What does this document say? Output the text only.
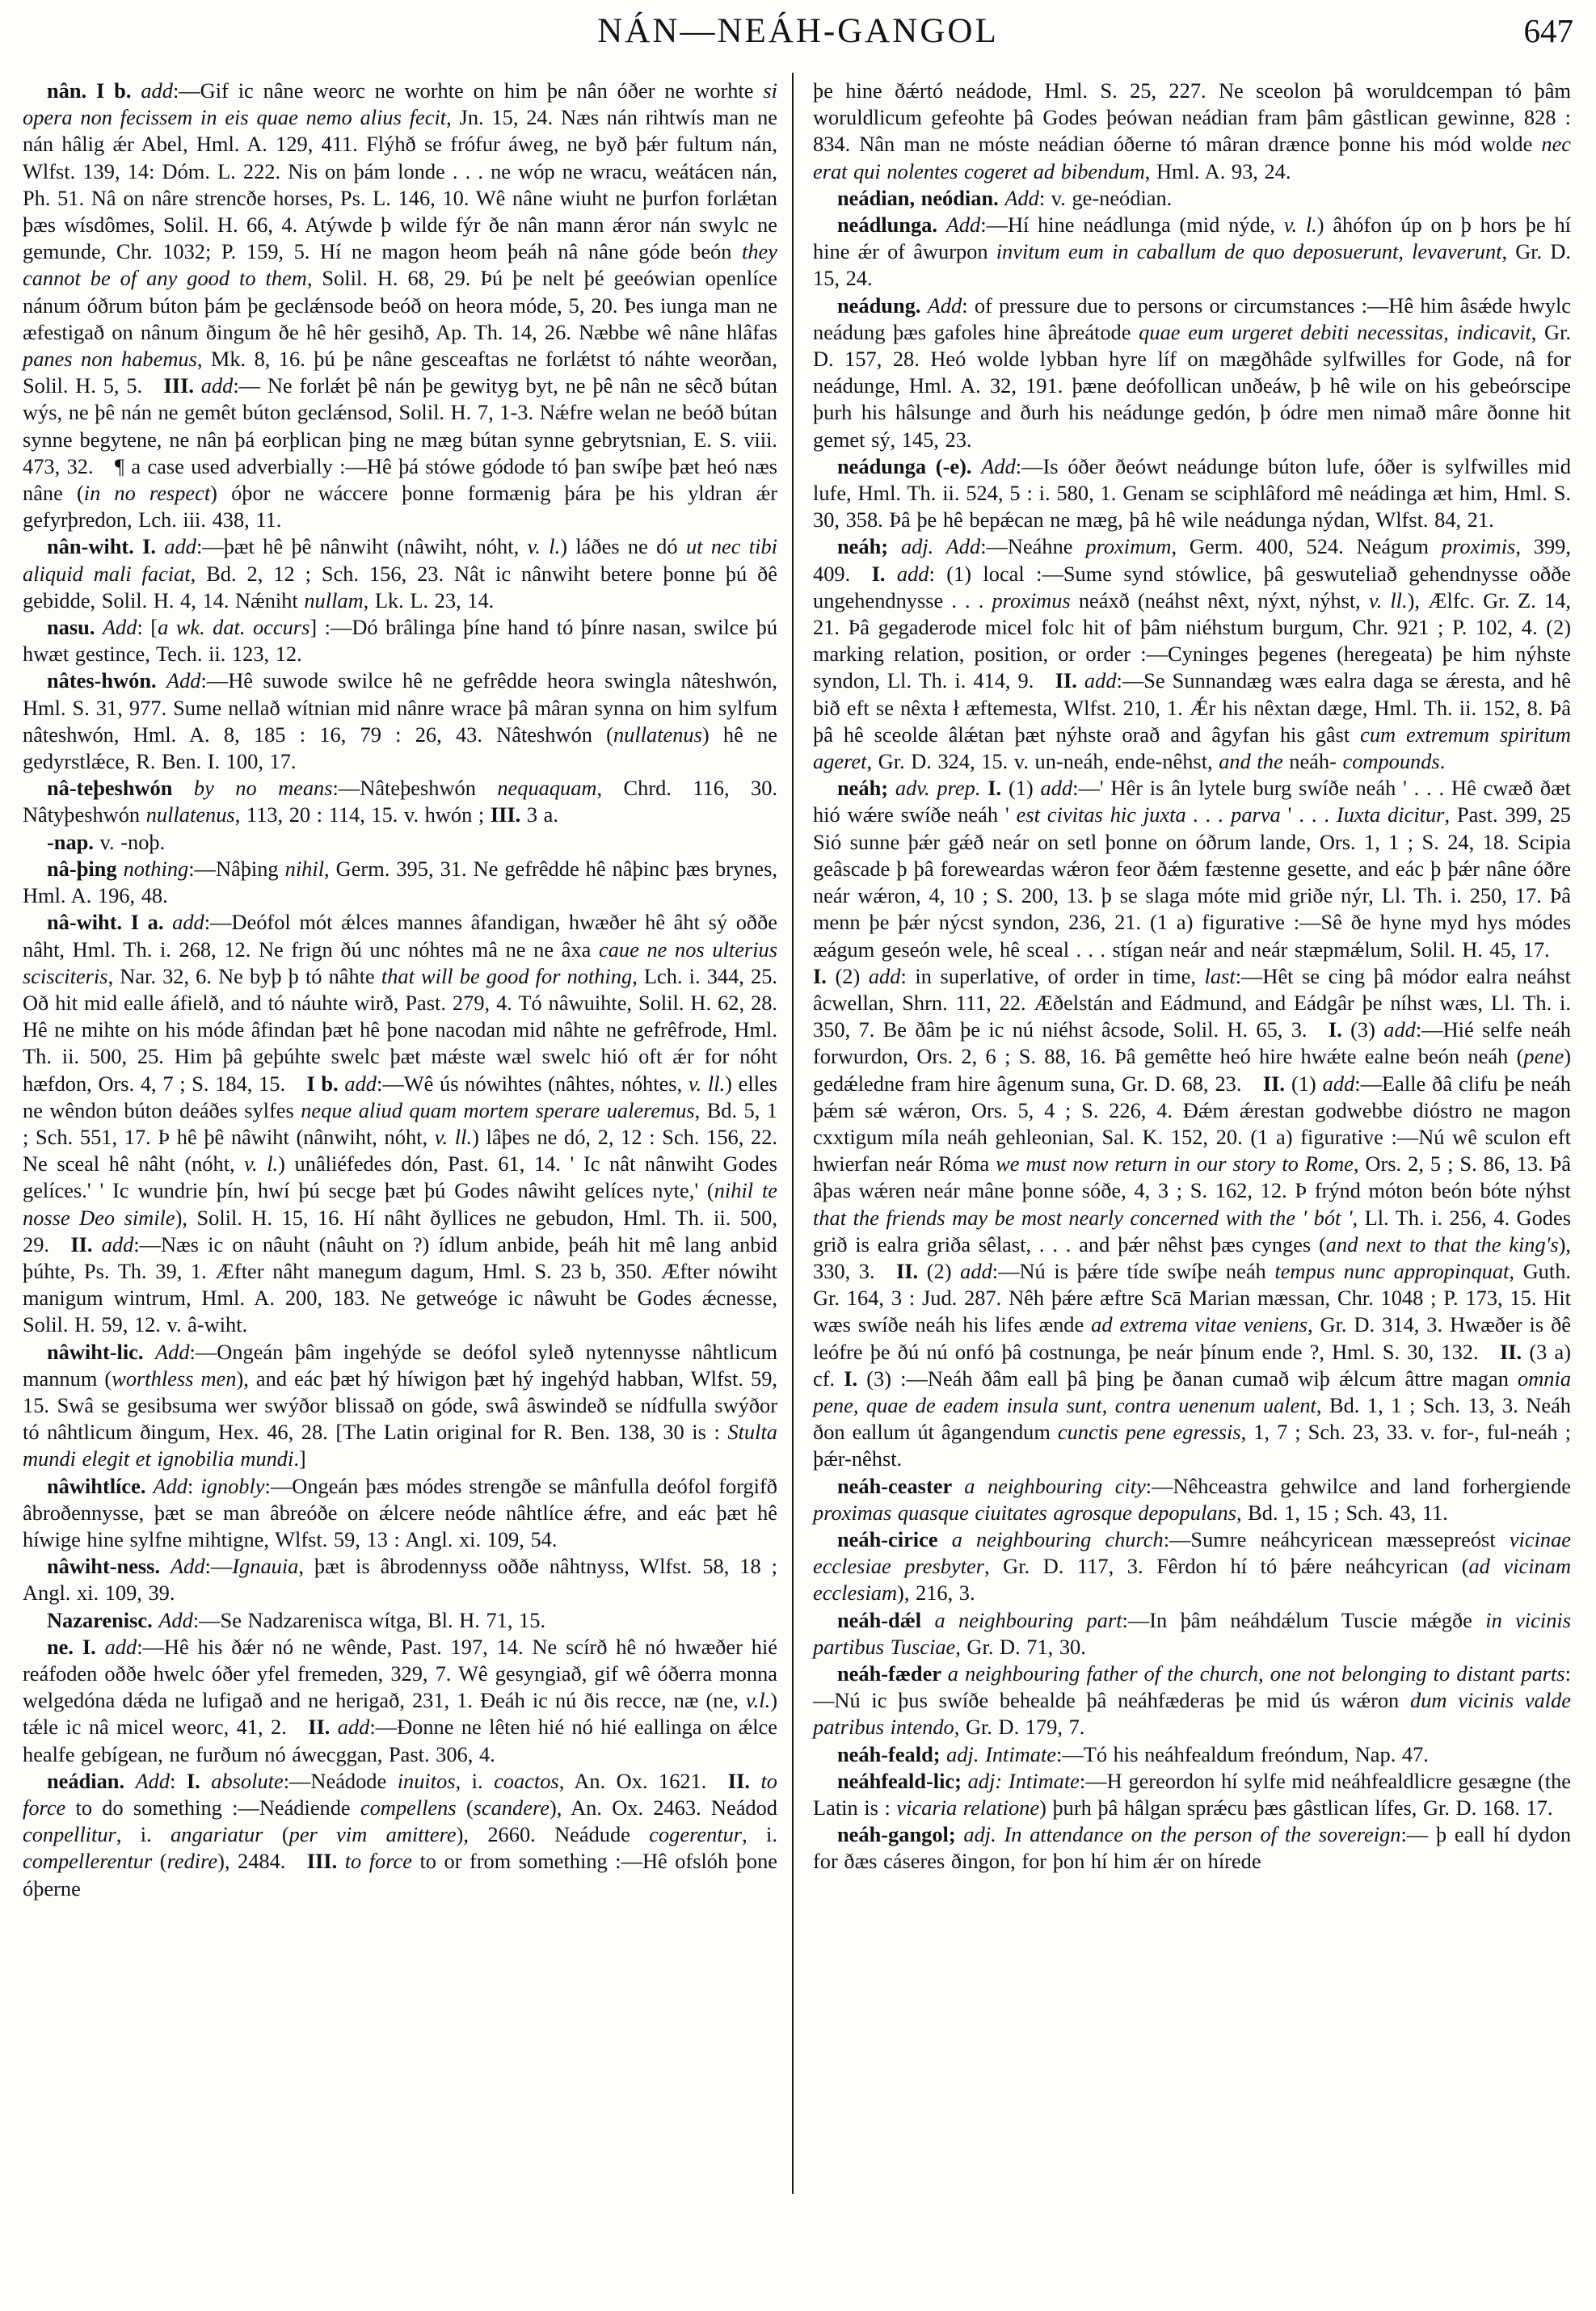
NÁN—NEÁH-GANGOL	647

nân. I b. add:—Gif ic nâne weorc ne worhte on him þe nân óðer ne worhte si opera non fecissem in eis quae nemo alius fecit, Jn. 15, 24. Næs nán rihtwís man ne nán hâlig ǽr Abel, Hml. A. 129, 411. Flýhð se frófur áweg, ne byð þǽr fultum nán, Wlfst. 139, 14: Dóm. L. 222. Nis on þám londe . . . ne wóp ne wracu, weátácen nán, Ph. 51. Nâ on nâre strencðe horses, Ps. L. 146, 10. Wê nâne wiuht ne þurfon forlǽtan þæs wísdômes, Solil. H. 66, 4. Atýwde þ wilde fýr ðe nân mann ǽror nán swylc ne gemunde, Chr. 1032; P. 159, 5. Hí ne magon heom þeáh nâ nâne góde beón they cannot be of any good to them, Solil. H. 68, 29. Þú þe nelt þé geeówian openlíce nánum óðrum búton þám þe geclǽnsode beóð on heora móde, 5, 20. Þes iunga man ne æfestigað on nânum ðingum ðe hê hêr gesihð, Ap. Th. 14, 26. Næbbe wê nâne hlâfas panes non habemus, Mk. 8, 16. þú þe nâne gesceaftas ne forlǽtst tó náhte weorðan, Solil. H. 5, 5. III. add:— Ne forlǽt þê nán þe gewityg byt, ne þê nân ne sêcð bútan wýs, ne þê nán ne gemêt búton geclǽnsod, Solil. H. 7, 1-3. Nǽfre welan ne beóð bútan synne begytene, ne nân þá eorþlican þing ne mæg bútan synne gebrytsnian, E. S. viii. 473, 32. ¶ a case used adverbially :—Hê þá stówe gódode tó þan swíþe þæt heó næs nâne (in no respect) óþor ne wáccere þonne formænig þára þe his yldran ǽr gefyrþredon, Lch. iii. 438, 11.

nân-wiht. I. add:—þæt hê þê nânwiht (nâwiht, nóht, v. l.) láðes ne dó ut nec tibi aliquid mali faciat, Bd. 2, 12 ; Sch. 156, 23. Nât ic nânwiht betere þonne þú ðê gebidde, Solil. H. 4, 14. Nǽniht nullam, Lk. L. 23, 14.

nasu. Add: [a wk. dat. occurs] :—Dó brâlinga þíne hand tó þínre nasan, swilce þú hwæt gestince, Tech. ii. 123, 12.

nâtes-hwón. Add:—Hê suwode swilce hê ne gefrêdde heora swingla nâteshwón, Hml. S. 31, 977. Sume nellað wítnian mid nânre wrace þâ mâran synna on him sylfum nâteshwón, Hml. A. 8, 185 : 16, 79 : 26, 43. Nâteshwón (nullatenus) hê ne gedyrstlǽce, R. Ben. I. 100, 17.

nâ-teþeshwón by no means:—Nâteþeshwón nequaquam, Chrd. 116, 30. Nâtyþeshwón nullatenus, 113, 20 : 114, 15. v. hwón ; III. 3 a.

-nap. v. -noþ.

nâ-þing nothing:—Nâþing nihil, Germ. 395, 31. Ne gefrêdde hê nâþinc þæs brynes, Hml. A. 196, 48.

nâ-wiht. I a. add:—Deófol mót ǽlces mannes âfandigan, hwæðer hê âht sý oððe nâht, Hml. Th. i. 268, 12. Ne frign ðú unc nóhtes mâ ne ne âxa caue ne nos ulterius scisciteris, Nar. 32, 6. Ne byþ þ tó nâhte that will be good for nothing, Lch. i. 344, 25. Oð hit mid ealle áfielð, and tó náuhte wirð, Past. 279, 4. Tó nâwuihte, Solil. H. 62, 28. Hê ne mihte on his móde âfindan þæt hê þone nacodan mid nâhte ne gefrêfrode, Hml. Th. ii. 500, 25. Him þâ geþúhte swelc þæt mǽste wæl swelc hió oft ǽr for nóht hæfdon, Ors. 4, 7 ; S. 184, 15. I b. add:—Wê ús nówihtes (nâhtes, nóhtes, v. ll.) elles ne wêndon búton deáðes sylfes neque aliud quam mortem sperare ualeremus, Bd. 5, 1 ; Sch. 551, 17. Þ hê þê nâwiht (nânwiht, nóht, v. ll.) lâþes ne dó, 2, 12 : Sch. 156, 22. Ne sceal hê nâht (nóht, v. l.) unâliéfedes dón, Past. 61, 14. ' Ic nât nânwiht Godes gelíces.' ' Ic wundrie þín, hwí þú secge þæt þú Godes nâwiht gelíces nyte,' (nihil te nosse Deo simile), Solil. H. 15, 16. Hí nâht ðyllices ne gebudon, Hml. Th. ii. 500, 29. II. add:—Næs ic on nâuht (nâuht on ?) ídlum anbide, þeáh hit mê lang anbid þúhte, Ps. Th. 39, 1. Æfter nâht manegum dagum, Hml. S. 23 b, 350. Æfter nówiht manigum wintrum, Hml. A. 200, 183. Ne getweóge ic nâwuht be Godes ǽcnesse, Solil. H. 59, 12. v. â-wiht.

nâwiht-lic. Add:—Ongeán þâm ingehýde se deófol syleð nytennysse nâhtlicum mannum (worthless men), and eác þæt hý híwigon þæt hý ingehýd habban, Wlfst. 59, 15. Swâ se gesibsuma wer swýðor blissað on góde, swâ âswindeð se nídfulla swýðor tó nâhtlicum ðingum, Hex. 46, 28. [The Latin original for R. Ben. 138, 30 is : Stulta mundi elegit et ignobilia mundi.]

nâwihtlíce. Add: ignobly:—Ongeán þæs módes strengðe se mânfulla deófol forgifð âbroðennysse, þæt se man âbreóðe on ǽlcere neóde nâhtlíce ǽfre, and eác þæt hê híwige hine sylfne mihtigne, Wlfst. 59, 13 : Angl. xi. 109, 54.

nâwiht-ness. Add:—Ignauia, þæt is âbrodennyss oððe nâhtnyss, Wlfst. 58, 18 ; Angl. xi. 109, 39.

Nazarenisc. Add:—Se Nadzarenisca wítga, Bl. H. 71, 15.

ne. I. add:—Hê his ðǽr nó ne wênde, Past. 197, 14. Ne scírð hê nó hwæðer hié reáfoden oððe hwelc óðer yfel fremeden, 329, 7. Wê gesyngiað, gif wê óðerra monna welgedóna dǽda ne lufigað and ne herigað, 231, 1. Ðeáh ic nú ðis recce, næ (ne, v.l.) tǽle ic nâ micel weorc, 41, 2. II. add:—Ðonne ne lêten hié nó hié eallinga on ǽlce healfe gebígean, ne furðum nó áwecggan, Past. 306, 4.

neádian. Add: I. absolute:—Neádode inuitos, i. coactos, An. Ox. 1621. II. to force to do something :—Neádiende compellens (scandere), An. Ox. 2463. Neádod conpellitur, i. angariatur (per vim amittere), 2660. Neádude cogerentur, i. compellerentur (redire), 2484. III. to force to or from something :—Hê ofslóh þone óþerne

þe hine ðǽrtó neádode, Hml. S. 25, 227. Ne sceolon þâ woruldcempan tó þâm woruldlicum gefeohte þâ Godes þeówan neádian fram þâm gâstlican gewinne, 828 : 834. Nân man ne móste neádian óðerne tó mâran drænce þonne his mód wolde nec erat qui nolentes cogeret ad bibendum, Hml. A. 93, 24.

neádian, neódian. Add: v. ge-neódian.

neádlunga. Add:—Hí hine neádlunga (mid nýde, v. l.) âhófon úp on þ hors þe hí hine ǽr of âwurpon invitum eum in caballum de quo deposuerunt, levaverunt, Gr. D. 15, 24.

neádung. Add: of pressure due to persons or circumstances :—Hê him âsǽde hwylc neádung þæs gafoles hine âþreátode quae eum urgeret debiti necessitas, indicavit, Gr. D. 157, 28. Heó wolde lybban hyre líf on mægðhâde sylfwilles for Gode, nâ for neádunge, Hml. A. 32, 191. þæne deófollican unðeáw, þ hê wile on his gebeórscipe þurh his hâlsunge and ðurh his neádunge gedón, þ ódre men nimað mâre ðonne hit gemet sý, 145, 23.

neádunga (-e). Add:—Is óðer ðeówt neádunge búton lufe, óðer is sylfwilles mid lufe, Hml. Th. ii. 524, 5 : i. 580, 1. Genam se sciphlâford mê neádinga æt him, Hml. S. 30, 358. Þâ þe hê bepǽcan ne mæg, þâ hê wile neádunga nýdan, Wlfst. 84, 21.

neáh; adj. Add:—Neáhne proximum, Germ. 400, 524. Neágum proximis, 399, 409. I. add: (1) local :—Sume synd stówlice, þâ geswuteliað gehendnysse oððe ungehendnysse . . . proximus neáxð (neáhst nêxt, nýxt, nýhst, v. ll.), Ælfc. Gr. Z. 14, 21. Þâ gegaderode micel folc hit of þâm niéhstum burgum, Chr. 921 ; P. 102, 4. (2) marking relation, position, or order :—Cyninges þegenes (heregeata) þe him nýhste syndon, Ll. Th. i. 414, 9. II. add:—Se Sunnandæg wæs ealra daga se ǽresta, and hê bið eft se nêxta ł æftemesta, Wlfst. 210, 1. Ǽr his nêxtan dæge, Hml. Th. ii. 152, 8. Þâ þâ hê sceolde âlǽtan þæt nýhste orað and âgyfan his gâst cum extremum spiritum ageret, Gr. D. 324, 15. v. un-neáh, ende-nêhst, and the neáh- compounds.

neáh; adv. prep. I. (1) add:—' Hêr is ân lytele burg swíðe neáh ' . . . Hê cwæð ðæt hió wǽre swíðe neáh ' est civitas hic juxta . . . parva ' . . . Iuxta dicitur, Past. 399, 25 Sió sunne þǽr gǽð neár on setl þonne on óðrum lande, Ors. 1, 1 ; S. 24, 18. Scipia geâscade þ þâ foreweardas wǽron feor ðǽm fæstenne gesette, and eác þ þǽr nâne óðre neár wǽron, 4, 10 ; S. 200, 13. þ se slaga móte mid griðe nýr, Ll. Th. i. 250, 17. Þâ menn þe þǽr nýcst syndon, 236, 21. (1 a) figurative :—Sê ðe hyne myd hys módes æágum geseón wele, hê sceal . . . stígan neár and neár stæpmǽlum, Solil. H. 45, 17. I. (2) add: in superlative, of order in time, last:—Hêt se cing þâ módor ealra neáhst âcwellan, Shrn. 111, 22. Æðelstán and Eádmund, and Eádgâr þe níhst wæs, Ll. Th. i. 350, 7. Be ðâm þe ic nú niéhst âcsode, Solil. H. 65, 3. I. (3) add:—Hié selfe neáh forwurdon, Ors. 2, 6 ; S. 88, 16. Þâ gemêtte heó hire hwǽte ealne beón neáh (pene) gedǽledne fram hire âgenum suna, Gr. D. 68, 23. II. (1) add:—Ealle ðâ clifu þe neáh þǽm sǽ wǽron, Ors. 5, 4 ; S. 226, 4. Ðǽm ǽrestan godwebbe dióstro ne magon cxxtigum míla neáh gehleonian, Sal. K. 152, 20. (1 a) figurative :—Nú wê sculon eft hwierfan neár Róma we must now return in our story to Rome, Ors. 2, 5 ; S. 86, 13. Þâ âþas wǽren neár mâne þonne sóðe, 4, 3 ; S. 162, 12. Þ frýnd móton beón bóte nýhst that the friends may be most nearly concerned with the ' bót ', Ll. Th. i. 256, 4. Godes grið is ealra griða sêlast, . . . and þǽr nêhst þæs cynges (and next to that the king's), 330, 3. II. (2) add:—Nú is þǽre tíde swíþe neáh tempus nunc appropinquat, Guth. Gr. 164, 3 : Jud. 287. Nêh þǽre æftre Scā Marian mæssan, Chr. 1048 ; P. 173, 15. Hit wæs swíðe neáh his lifes ænde ad extrema vitae veniens, Gr. D. 314, 3. Hwæðer is ðê leófre þe ðú nú onfó þâ costnunga, þe neár þínum ende ?, Hml. S. 30, 132. II. (3 a) cf. I. (3) :—Neáh ðâm eall þâ þing þe ðanan cumað wiþ ǽlcum âttre magan omnia pene, quae de eadem insula sunt, contra uenenum ualent, Bd. 1, 1 ; Sch. 13, 3. Neáh ðon eallum út âgangendum cunctis pene egressis, 1, 7 ; Sch. 23, 33. v. for-, ful-neáh ; þǽr-nêhst.

neáh-ceaster a neighbouring city:—Nêhceastra gehwilce and land forhergiende proximas quasque ciuitates agrosque depopulans, Bd. 1, 15 ; Sch. 43, 11.

neáh-cirice a neighbouring church:—Sumre neáhcyricean mæssepreóst vicinae ecclesiae presbyter, Gr. D. 117, 3. Fêrdon hí tó þǽre neáhcyrican (ad vicinam ecclesiam), 216, 3.

neáh-dǽl a neighbouring part:—In þâm neáhdǽlum Tuscie mǽgðe in vicinis partibus Tusciae, Gr. D. 71, 30.

neáh-fæder a neighbouring father of the church, one not belonging to distant parts:—Nú ic þus swíðe behealde þâ neáhfæderas þe mid ús wǽron dum vicinis valde patribus intendo, Gr. D. 179, 7.

neáh-feald; adj. Intimate:—Tó his neáhfealdum freóndum, Nap. 47.

neáhfeald-lic; adj: Intimate:—H gereordon hí sylfe mid neáhfealdlicre gesægne (the Latin is : vicaria relatione) þurh þâ hâlgan sprǽcu þæs gâstlican lífes, Gr. D. 168. 17.

neáh-gangol; adj. In attendance on the person of the sovereign:— þ eall hí dydon for ðæs cáseres ðingon, for þon hí him ǽr on hírede
